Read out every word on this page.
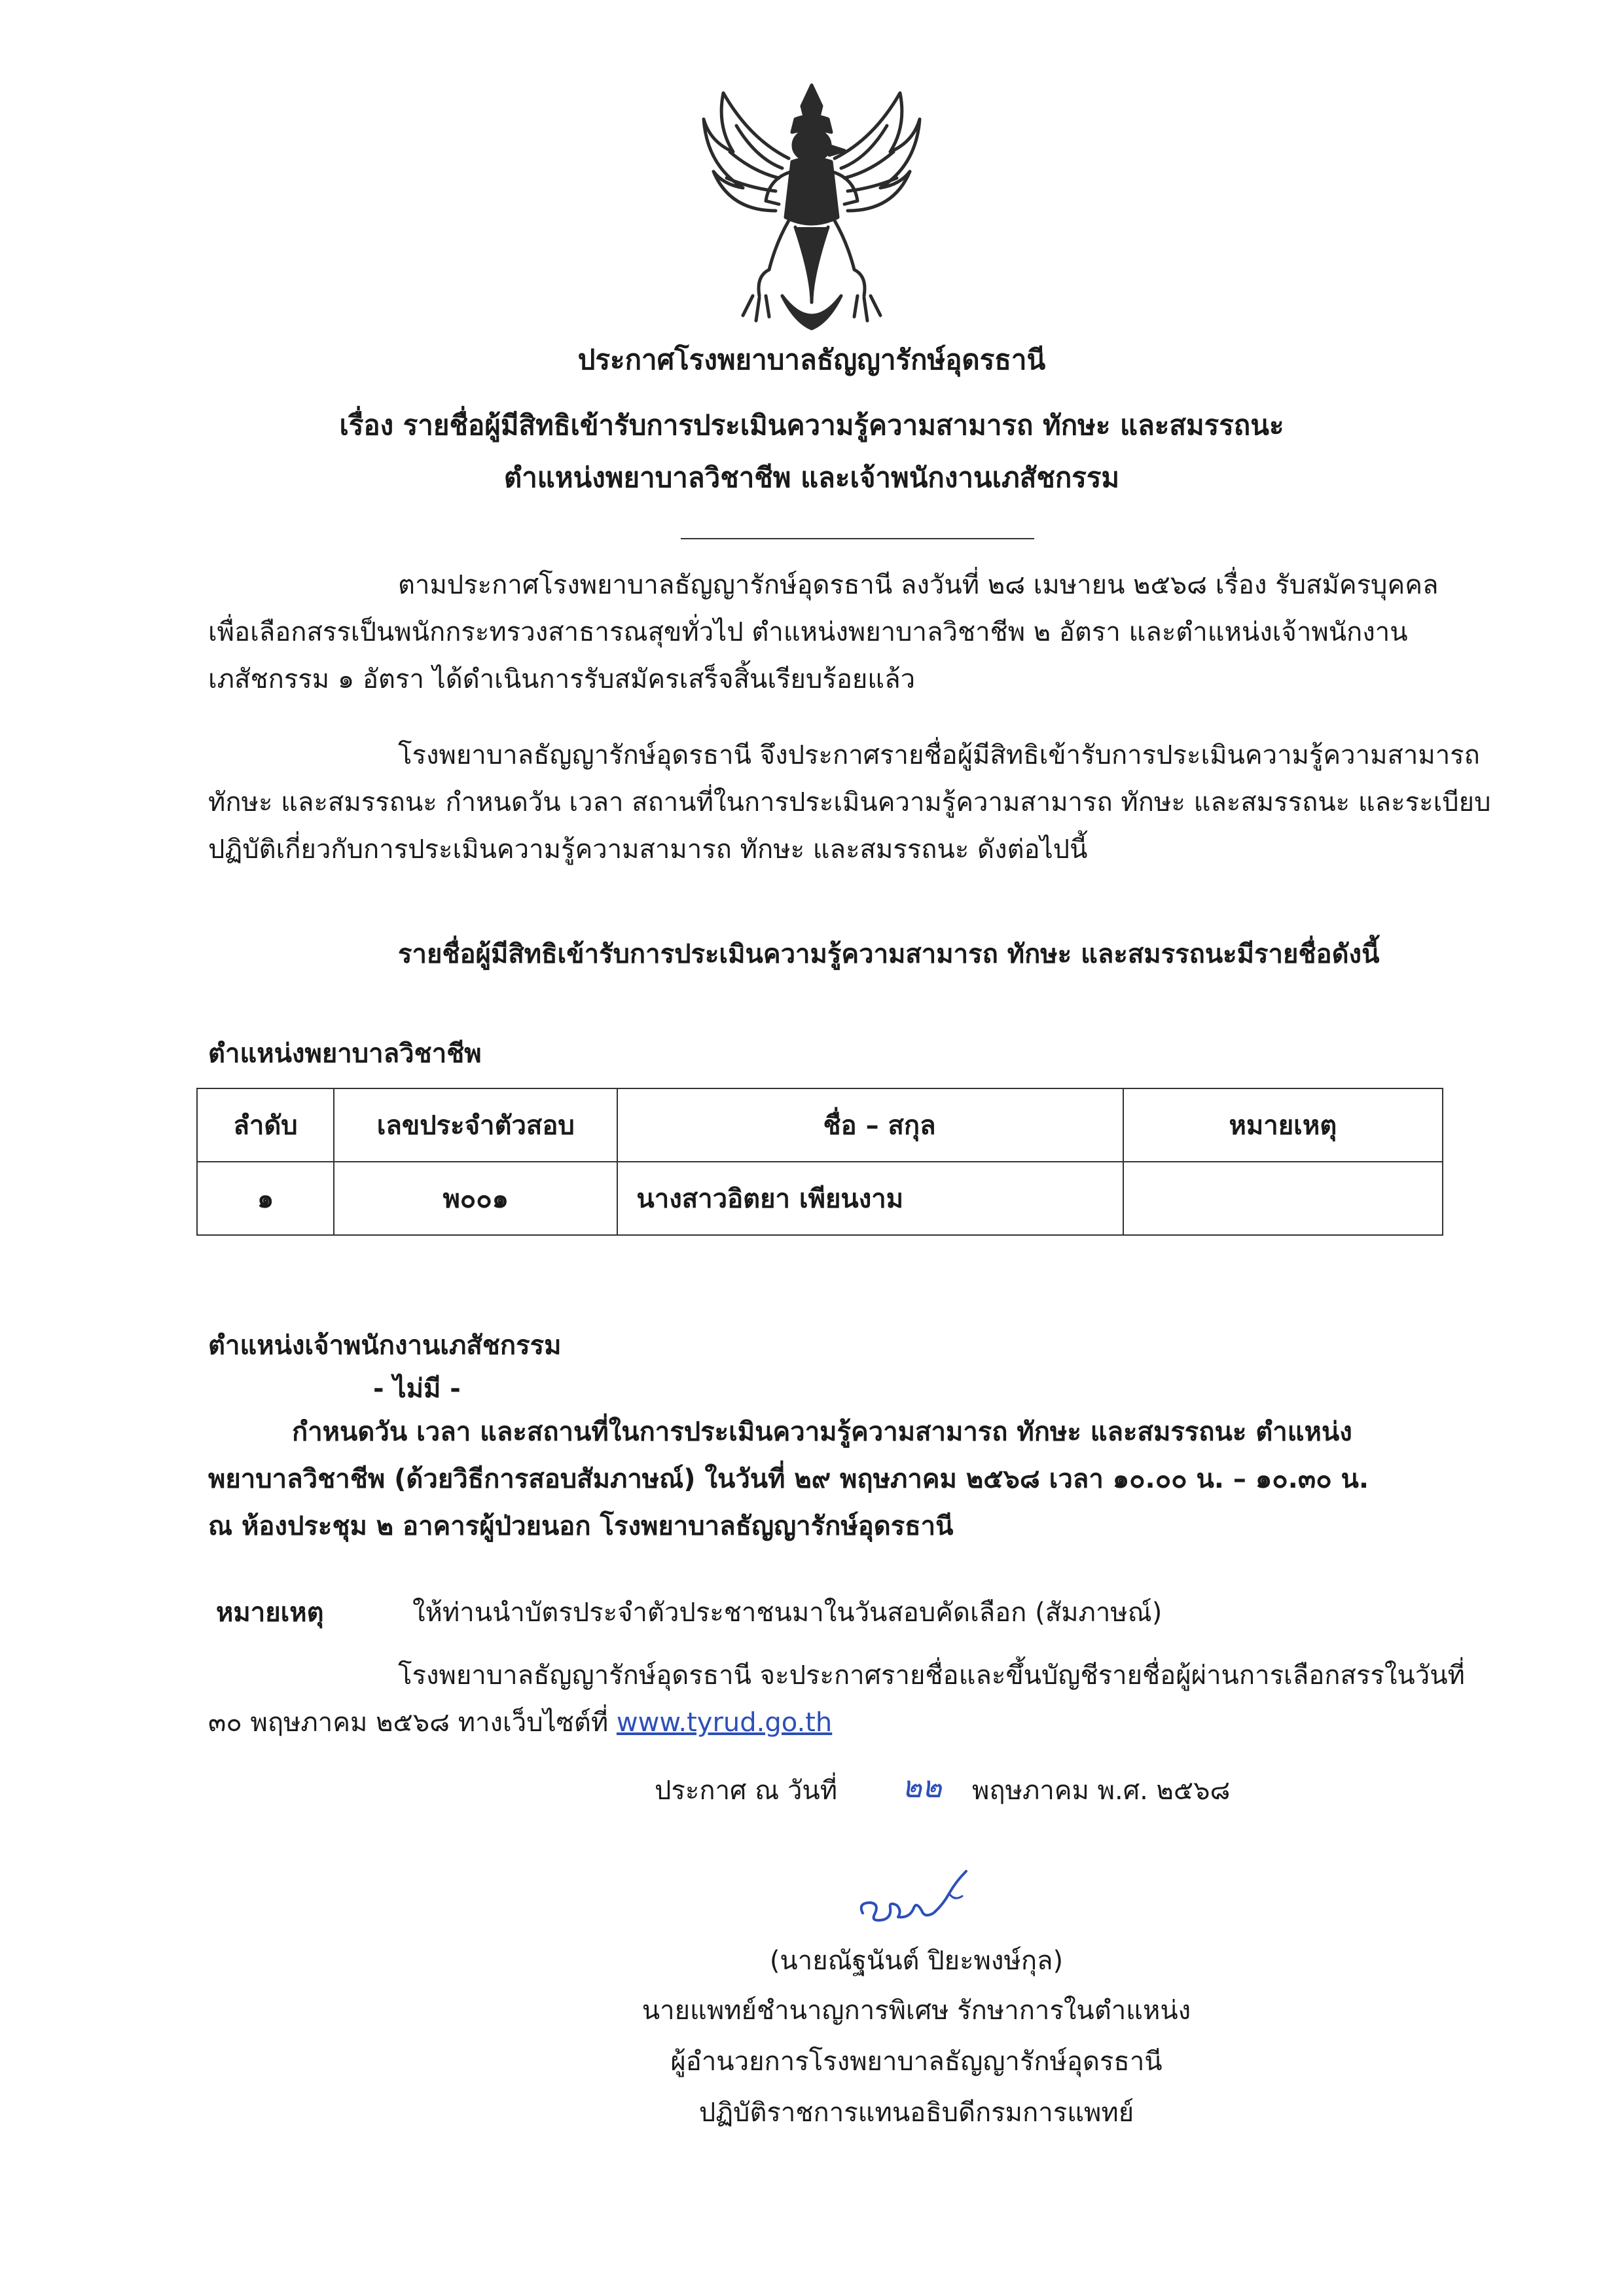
ประกาศโรงพยาบาลธัญญารักษ์อุดรธานี
เรื่อง รายชื่อผู้มีสิทธิเข้ารับการประเมินความรู้ความสามารถ ทักษะ และสมรรถนะ
ตำแหน่งพยาบาลวิชาชีพ และเจ้าพนักงานเภสัชกรรม
ตามประกาศโรงพยาบาลธัญญารักษ์อุดรธานี ลงวันที่ ๒๘ เมษายน ๒๕๖๘ เรื่อง รับสมัครบุคคล
เพื่อเลือกสรรเป็นพนักกระทรวงสาธารณสุขทั่วไป ตำแหน่งพยาบาลวิชาชีพ ๒ อัตรา และตำแหน่งเจ้าพนักงาน
เภสัชกรรม ๑ อัตรา ได้ดำเนินการรับสมัครเสร็จสิ้นเรียบร้อยแล้ว
โรงพยาบาลธัญญารักษ์อุดรธานี จึงประกาศรายชื่อผู้มีสิทธิเข้ารับการประเมินความรู้ความสามารถ
ทักษะ และสมรรถนะ กำหนดวัน เวลา สถานที่ในการประเมินความรู้ความสามารถ ทักษะ และสมรรถนะ และระเบียบ
ปฏิบัติเกี่ยวกับการประเมินความรู้ความสามารถ ทักษะ และสมรรถนะ ดังต่อไปนี้
รายชื่อผู้มีสิทธิเข้ารับการประเมินความรู้ความสามารถ ทักษะ และสมรรถนะมีรายชื่อดังนี้
ตำแหน่งพยาบาลวิชาชีพ
ลำดับ	เลขประจำตัวสอบ	ชื่อ – สกุล	หมายเหตุ
๑	พ๐๐๑	นางสาวอิตยา เพียนงาม	
ตำแหน่งเจ้าพนักงานเภสัชกรรม
- ไม่มี -
กำหนดวัน เวลา และสถานที่ในการประเมินความรู้ความสามารถ ทักษะ และสมรรถนะ ตำแหน่ง
พยาบาลวิชาชีพ (ด้วยวิธีการสอบสัมภาษณ์) ในวันที่ ๒๙ พฤษภาคม ๒๕๖๘ เวลา ๑๐.๐๐ น. – ๑๐.๓๐ น.
ณ ห้องประชุม ๒ อาคารผู้ป่วยนอก โรงพยาบาลธัญญารักษ์อุดรธานี
หมายเหตุ	ให้ท่านนำบัตรประจำตัวประชาชนมาในวันสอบคัดเลือก (สัมภาษณ์)
โรงพยาบาลธัญญารักษ์อุดรธานี จะประกาศรายชื่อและขึ้นบัญชีรายชื่อผู้ผ่านการเลือกสรรในวันที่
๓๐ พฤษภาคม ๒๕๖๘ ทางเว็บไซต์ที่ www.tyrud.go.th
ประกาศ ณ วันที่ ๒๒ พฤษภาคม พ.ศ. ๒๕๖๘
(นายณัฐนันต์ ปิยะพงษ์กุล)
นายแพทย์ชำนาญการพิเศษ รักษาการในตำแหน่ง
ผู้อำนวยการโรงพยาบาลธัญญารักษ์อุดรธานี
ปฏิบัติราชการแทนอธิบดีกรมการแพทย์
